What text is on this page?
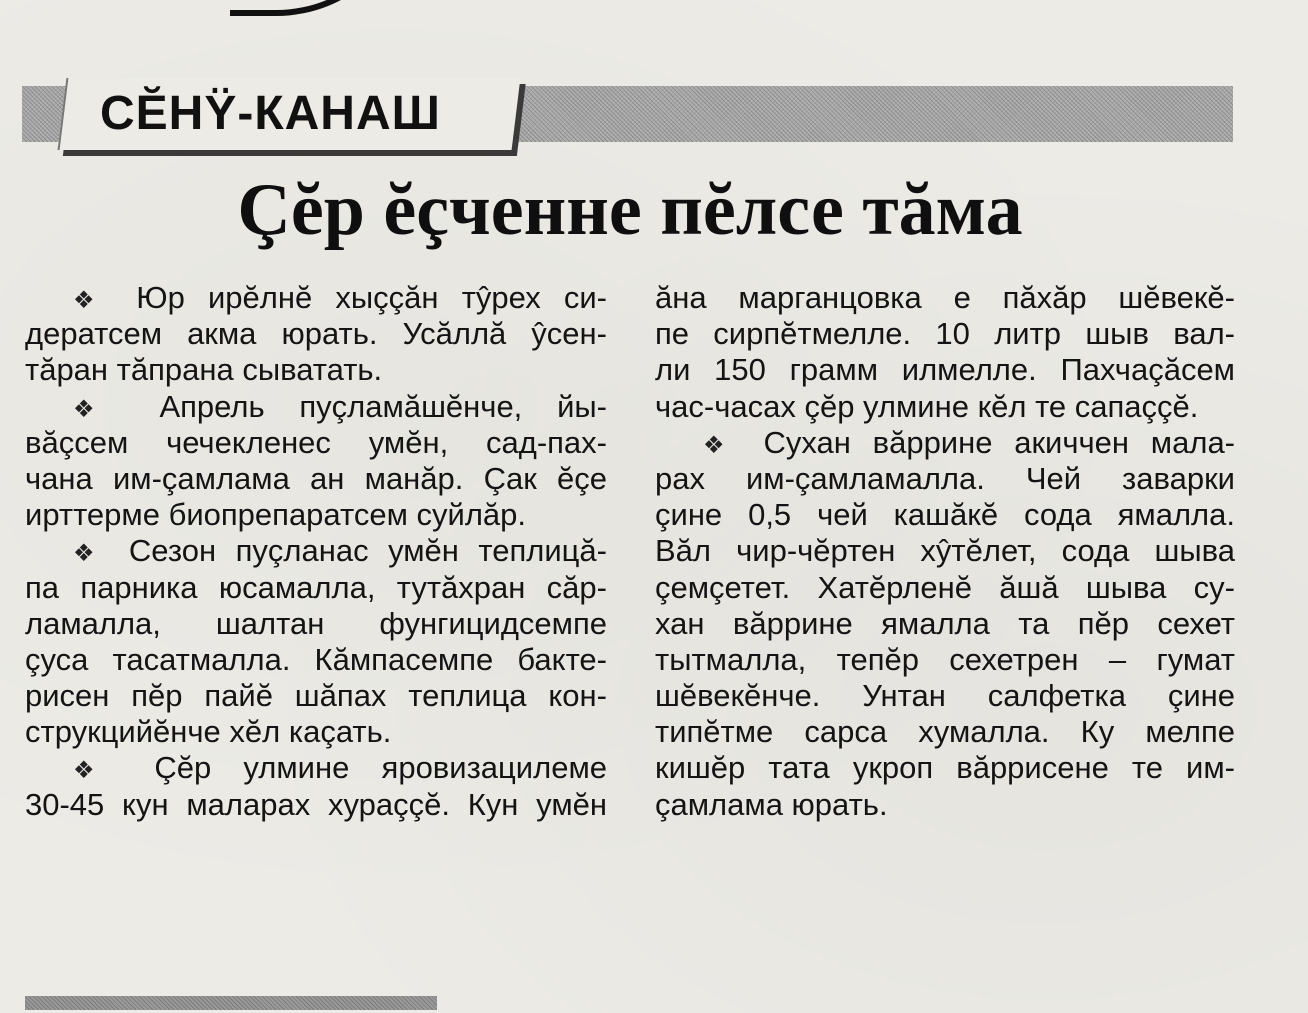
СĔНŸ-КАНАШ
Çĕр ĕçченне пĕлсе тăма
❖ Юр ирĕлнĕ хыççăн тŷрех си-
дератсем акма юрать. Усăллă ŷсен-
тăран тăпрана сыватать.
❖ Апрель пуçламăшĕнче, йы-
вăçсем чечекленес умĕн, сад-пах-
чана им-çамлама ан манăр. Çак ĕçе
ирттерме биопрепаратсем суйлăр.
❖ Сезон пуçланас умĕн теплицă-
па парника юсамалла, тутăхран сăр-
ламалла, шалтан фунгицидсемпе
çуса тасатмалла. Кăмпасемпе бакте-
рисен пĕр пайĕ шăпах теплица кон-
струкцийĕнче хĕл каçать.
❖ Çĕр улмине яровизацилеме
30-45 кун маларах хураççĕ. Кун умĕн
ăна марганцовка е пăхăр шĕвекĕ-
пе сирпĕтмелле. 10 литр шыв вал-
ли 150 грамм илмелле. Пахчаçăсем
час-часах çĕр улмине кĕл те сапаççĕ.
❖ Сухан вăррине акиччен мала-
рах им-çамламалла. Чей заварки
çине 0,5 чей кашăкĕ сода ямалла.
Вăл чир-чĕртен хŷтĕлет, сода шыва
çемçетет. Хатĕрленĕ ăшă шыва су-
хан вăррине ямалла та пĕр сехет
тытмалла, тепĕр сехетрен – гумат
шĕвекĕнче. Унтан салфетка çине
типĕтме сарса хумалла. Ку мелпе
кишĕр тата укроп вăррисене те им-
çамлама юрать.
